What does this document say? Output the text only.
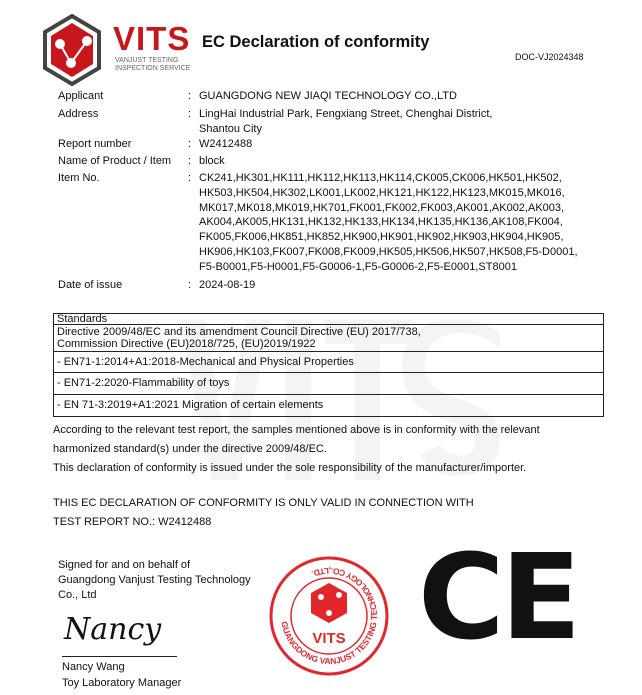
VITS
VANJUST TESTING
INSPECTION SERVICE
EC Declaration of conformity
DOC-VJ2024348
Applicant	: GUANGDONG NEW JIAQI TECHNOLOGY CO.,LTD
Address	: LingHai Industrial Park, Fengxiang Street, Chenghai District,
Shantou City
Report number	: W2412488
Name of Product / Item : block
Item No.	: CK241,HK301,HK111,HK112,HK113,HK114,CK005,CK006,HK501,HK502,
HK503,HK504,HK302,LK001,LK002,HK121,HK122,HK123,MK015,MK016,
MK017,MK018,MK019,HK701,FK001,FK002,FK003,AK001,AK002,AK003,
AK004,AK005,HK131,HK132,HK133,HK134,HK135,HK136,AK108,FK004,
FK005,FK006,HK851,HK852,HK900,HK901,HK902,HK903,HK904,HK905,
HK906,HK103,FK007,FK008,FK009,HK505,HK506,HK507,HK508,F5-D0001,
F5-B0001,F5-H0001,F5-G0006-1,F5-G0006-2,F5-E0001,ST8001
Date of issue	: 2024-08-19
Standards
Directive 2009/48/EC and its amendment Council Directive (EU) 2017/738,
Commission Directive (EU)2018/725, (EU)2019/1922
- EN71-1:2014+A1:2018-Mechanical and Physical Properties
- EN71-2:2020-Flammability of toys
- EN 71-3:2019+A1:2021 Migration of certain elements
According to the relevant test report, the samples mentioned above is in conformity with the relevant
harmonized standard(s) under the directive 2009/48/EC.
This declaration of conformity is issued under the sole responsibility of the manufacturer/importer.
THIS EC DECLARATION OF CONFORMITY IS ONLY VALID IN CONNECTION WITH
TEST REPORT NO.: W2412488
Signed for and on behalf of
Guangdong Vanjust Testing Technology
Co., Ltd
Nancy
Nancy Wang
Toy Laboratory Manager
GUANGDONG VANJUST TESTING TECHNOLOGY CO.,LTD.
VITS CE
